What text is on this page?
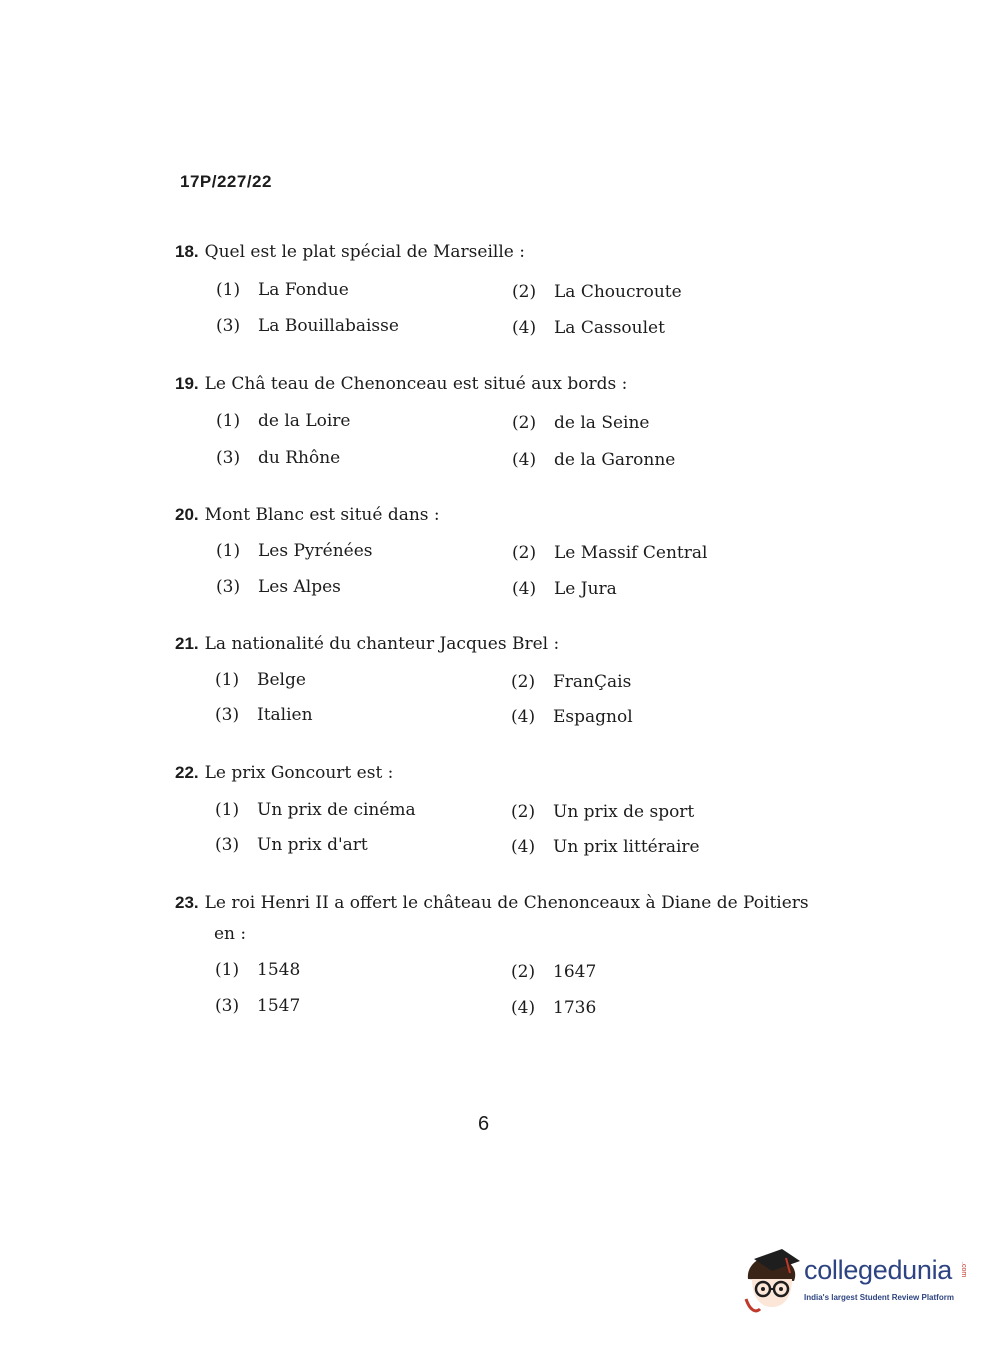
17P/227/22
18. Quel est le plat spécial de Marseille :
(1) La Fondue	(2) La Choucroute
(3) La Bouillabaisse	(4) La Cassoulet
19. Le Châ teau de Chenonceau est situé aux bords :
(1) de la Loire	(2) de la Seine
(3) du Rhône	(4) de la Garonne
20. Mont Blanc est situé dans :
(1) Les Pyrénées	(2) Le Massif Central
(3) Les Alpes	(4) Le Jura
21. La nationalité du chanteur Jacques Brel :
(1) Belge	(2) FranÇais
(3) Italien	(4) Espagnol
22. Le prix Goncourt est :
(1) Un prix de cinéma	(2) Un prix de sport
(3) Un prix d'art	(4) Un prix littéraire
23. Le roi Henri II a offert le château de Chenonceaux à Diane de Poitiers
en :
(1) 1548	(2) 1647
(3) 1547	(4) 1736
6
collegedunia .com
India's largest Student Review Platform
